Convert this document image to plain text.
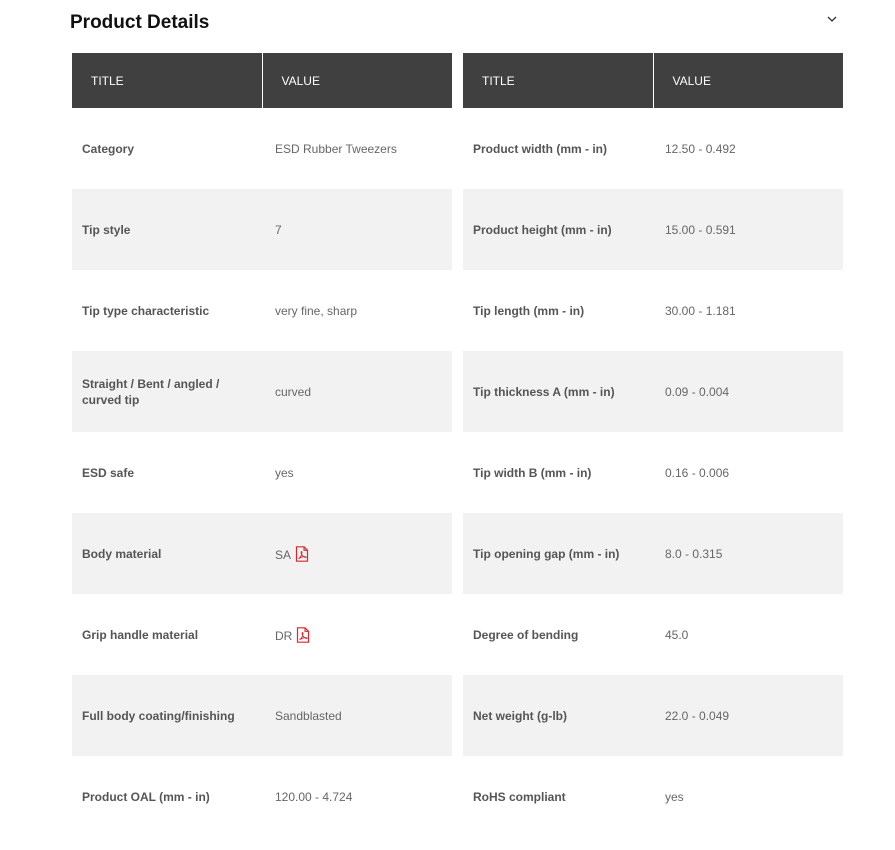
Product Details
TITLE	VALUE
Category	ESD Rubber Tweezers
Tip style	7
Tip type characteristic	very fine, sharp
Straight / Bent / angled / curved tip	curved
ESD safe	yes
Body material	SA
Grip handle material	DR
Full body coating/finishing	Sandblasted
Product OAL (mm - in)	120.00 - 4.724
TITLE	VALUE
Product width (mm - in)	12.50 - 0.492
Product height (mm - in)	15.00 - 0.591
Tip length (mm - in)	30.00 - 1.181
Tip thickness A (mm - in)	0.09 - 0.004
Tip width B (mm - in)	0.16 - 0.006
Tip opening gap (mm - in)	8.0 - 0.315
Degree of bending	45.0
Net weight (g-lb)	22.0 - 0.049
RoHS compliant	yes
